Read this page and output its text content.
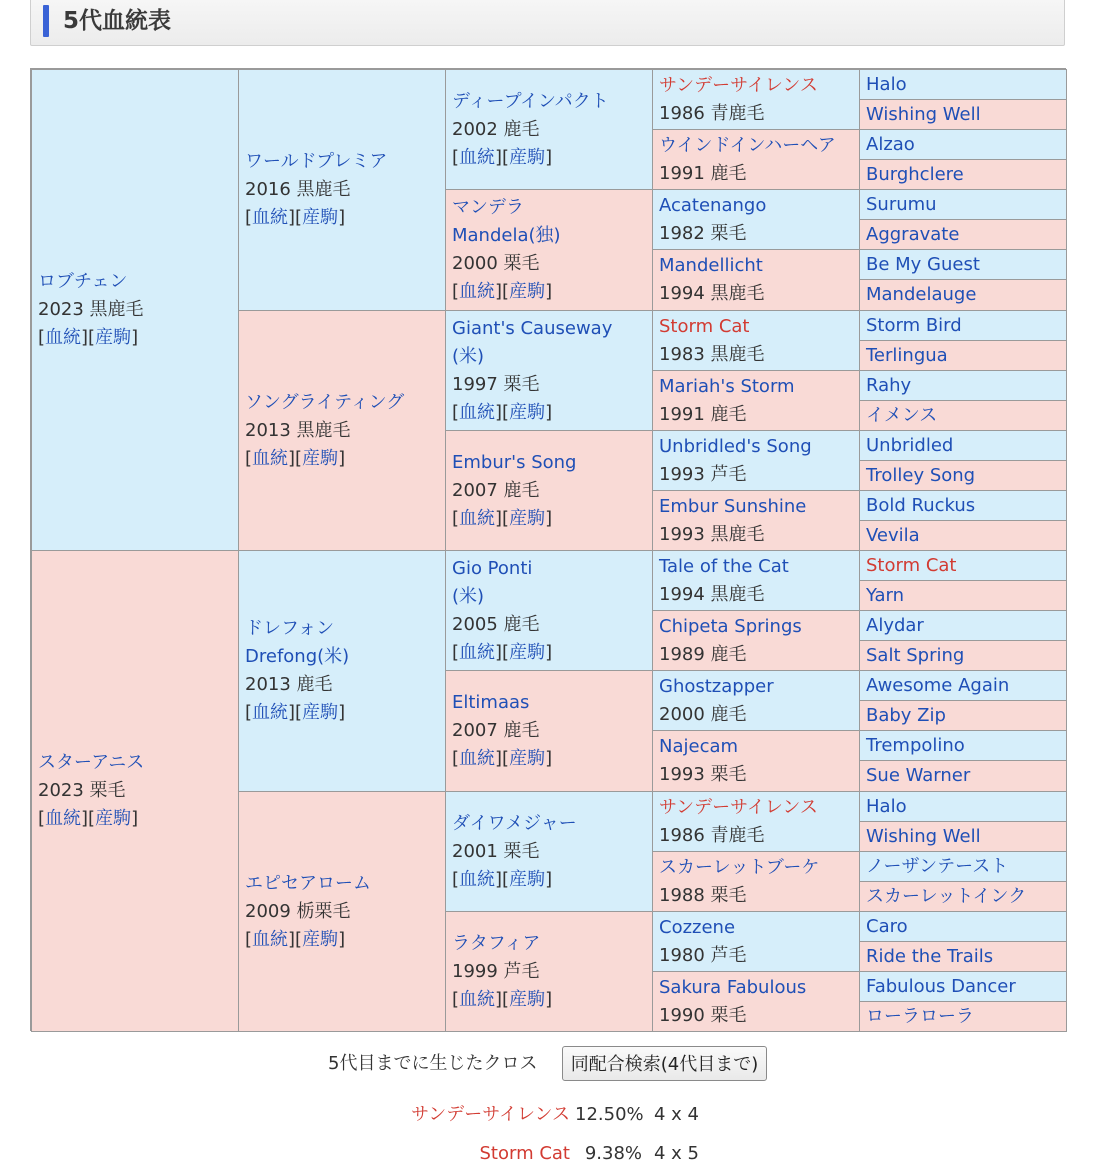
5代血統表
ロブチェン
2023 黒鹿毛
[血統][産駒]
スターアニス
2023 栗毛
[血統][産駒]
ワールドプレミア
2016 黒鹿毛
[血統][産駒]
ソングライティング
2013 黒鹿毛
[血統][産駒]
ドレフォン
Drefong(米)
2013 鹿毛
[血統][産駒]
エピセアローム
2009 栃栗毛
[血統][産駒]
ディープインパクト
2002 鹿毛
[血統][産駒]
マンデラ
Mandela(独)
2000 栗毛
[血統][産駒]
Giant's Causeway
(米)
1997 栗毛
[血統][産駒]
Embur's Song
2007 鹿毛
[血統][産駒]
Gio Ponti
(米)
2005 鹿毛
[血統][産駒]
Eltimaas
2007 鹿毛
[血統][産駒]
ダイワメジャー
2001 栗毛
[血統][産駒]
ラタフィア
1999 芦毛
[血統][産駒]
サンデーサイレンス
1986 青鹿毛
ウインドインハーヘア
1991 鹿毛
Acatenango
1982 栗毛
Mandellicht
1994 黒鹿毛
Storm Cat
1983 黒鹿毛
Mariah's Storm
1991 鹿毛
Unbridled's Song
1993 芦毛
Embur Sunshine
1993 黒鹿毛
Tale of the Cat
1994 黒鹿毛
Chipeta Springs
1989 鹿毛
Ghostzapper
2000 鹿毛
Najecam
1993 栗毛
サンデーサイレンス
1986 青鹿毛
スカーレットブーケ
1988 栗毛
Cozzene
1980 芦毛
Sakura Fabulous
1990 栗毛
Halo
Wishing Well
Alzao
Burghclere
Surumu
Aggravate
Be My Guest
Mandelauge
Storm Bird
Terlingua
Rahy
イメンス
Unbridled
Trolley Song
Bold Ruckus
Vevila
Storm Cat
Yarn
Alydar
Salt Spring
Awesome Again
Baby Zip
Trempolino
Sue Warner
Halo
Wishing Well
ノーザンテースト
スカーレットインク
Caro
Ride the Trails
Fabulous Dancer
ローラローラ
5代目までに生じたクロス	同配合検索(4代目まで)
サンデーサイレンス 12.50% 4 x 4
Storm Cat 9.38% 4 x 5
